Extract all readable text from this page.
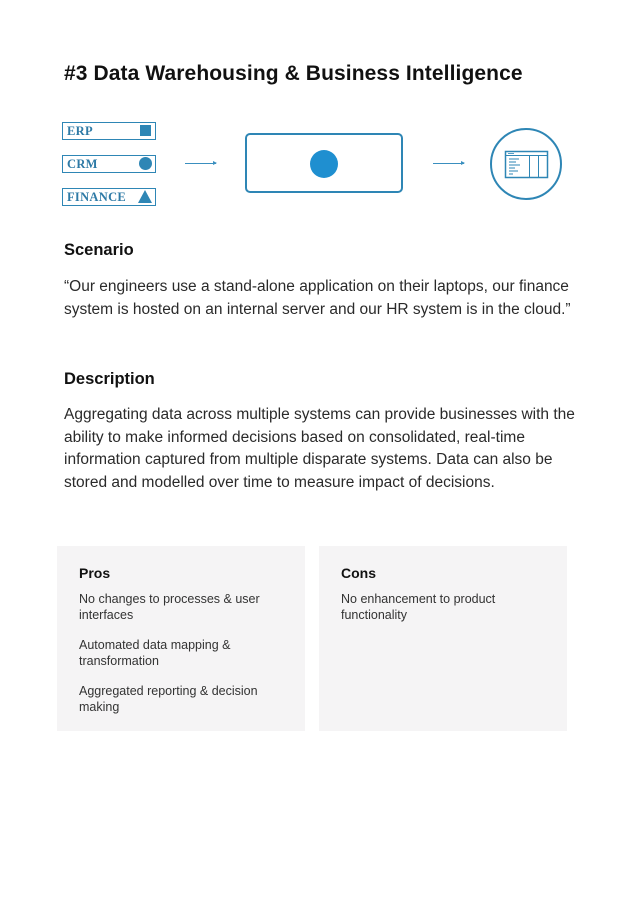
#3 Data Warehousing & Business Intelligence
ERP
CRM
FINANCE
Scenario

“Our engineers use a stand-alone application on their laptops, our finance system is hosted on an internal server and our HR system is in the cloud.”

Description

Aggregating data across multiple systems can provide businesses with the ability to make informed decisions based on consolidated, real-time information captured from multiple disparate systems. Data can also be stored and modelled over time to measure impact of decisions.

Pros
No changes to processes & user interfaces
Automated data mapping & transformation
Aggregated reporting & decision making
Cons
No enhancement to product functionality
